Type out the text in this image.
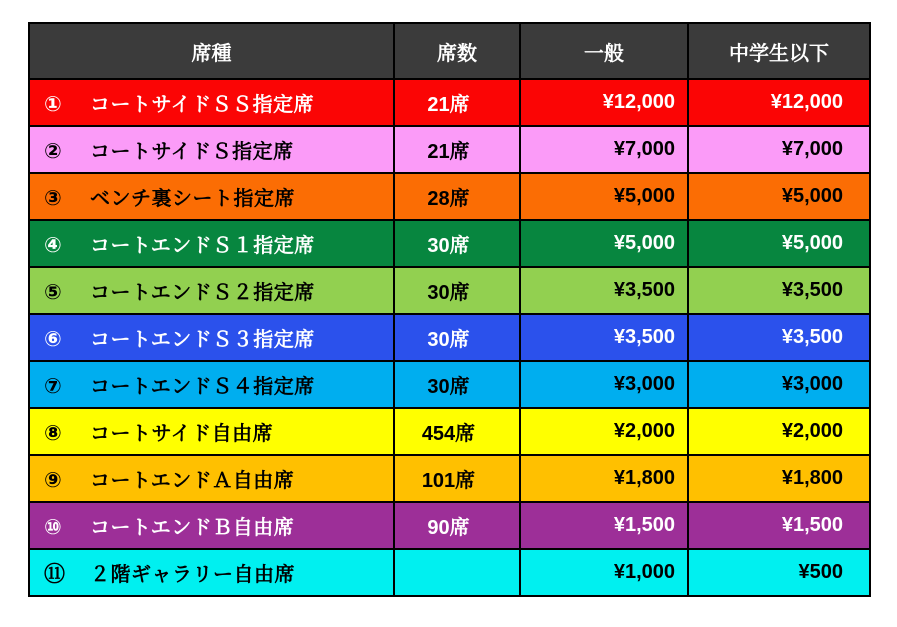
席種	席数	一般	中学生以下
① コートサイドＳＳ指定席	21席	¥12,000	¥12,000
② コートサイドＳ指定席	21席	¥7,000	¥7,000
③ ベンチ裏シート指定席	28席	¥5,000	¥5,000
④ コートエンドＳ１指定席	30席	¥5,000	¥5,000
⑤ コートエンドＳ２指定席	30席	¥3,500	¥3,500
⑥ コートエンドＳ３指定席	30席	¥3,500	¥3,500
⑦ コートエンドＳ４指定席	30席	¥3,000	¥3,000
⑧ コートサイド自由席	454席	¥2,000	¥2,000
⑨ コートエンドＡ自由席	101席	¥1,800	¥1,800
⑩ コートエンドＢ自由席	90席	¥1,500	¥1,500
⑪ ２階ギャラリー自由席		¥1,000	¥500
